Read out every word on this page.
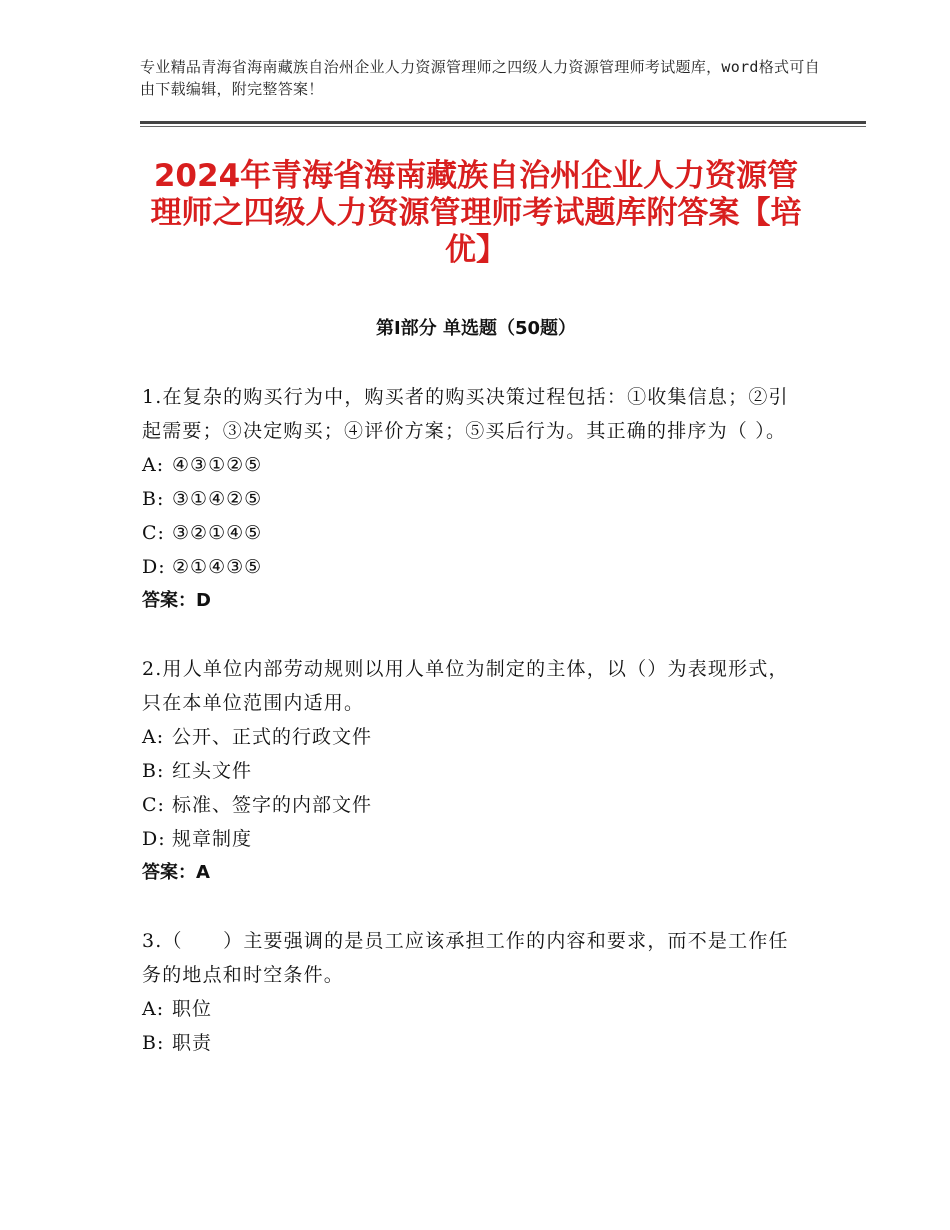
专业精品青海省海南藏族自治州企业人力资源管理师之四级人力资源管理师考试题库，word格式可自由下载编辑，附完整答案！
2024年青海省海南藏族自治州企业人力资源管理师之四级人力资源管理师考试题库附答案【培优】
第Ⅰ部分 单选题（50题）

1.在复杂的购买行为中，购买者的购买决策过程包括：①收集信息；②引起需要；③决定购买；④评价方案；⑤买后行为。其正确的排序为（ ）。

A: ④③①②⑤

B: ③①④②⑤

C: ③②①④⑤

D: ②①④③⑤

答案：D

2.用人单位内部劳动规则以用人单位为制定的主体，以（）为表现形式，只在本单位范围内适用。

A: 公开、正式的行政文件

B: 红头文件

C: 标准、签字的内部文件

D: 规章制度

答案：A

3.（　　）主要强调的是员工应该承担工作的内容和要求，而不是工作任务的地点和时空条件。

A: 职位

B: 职责
